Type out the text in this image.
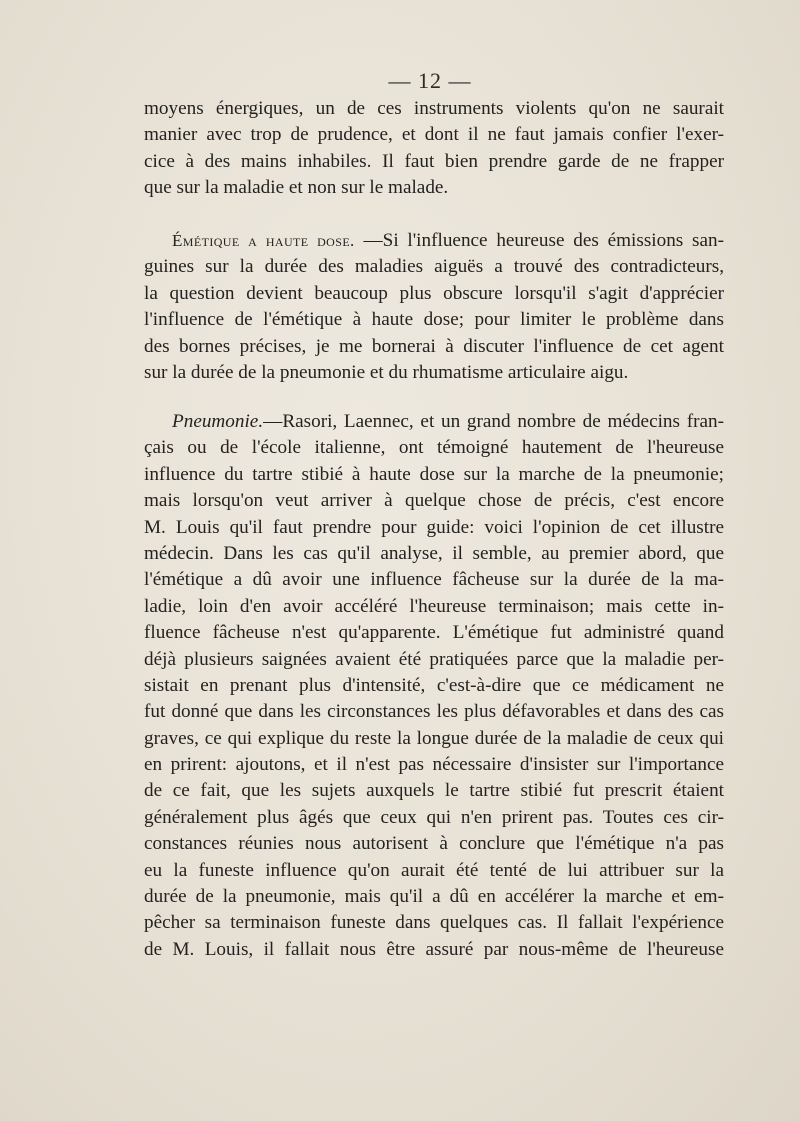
— 12 —
moyens énergiques, un de ces instruments violents qu'on ne saurait
manier avec trop de prudence, et dont il ne faut jamais confier l'exer-
cice à des mains inhabiles. Il faut bien prendre garde de ne frapper
que sur la maladie et non sur le malade.
Émétique a haute dose. —Si l'influence heureuse des émissions san-
guines sur la durée des maladies aiguës a trouvé des contradicteurs,
la question devient beaucoup plus obscure lorsqu'il s'agit d'apprécier
l'influence de l'émétique à haute dose; pour limiter le problème dans
des bornes précises, je me bornerai à discuter l'influence de cet agent
sur la durée de la pneumonie et du rhumatisme articulaire aigu.
Pneumonie.—Rasori, Laennec, et un grand nombre de médecins fran-
çais ou de l'école italienne, ont témoigné hautement de l'heureuse
influence du tartre stibié à haute dose sur la marche de la pneumonie;
mais lorsqu'on veut arriver à quelque chose de précis, c'est encore
M. Louis qu'il faut prendre pour guide: voici l'opinion de cet illustre
médecin. Dans les cas qu'il analyse, il semble, au premier abord, que
l'émétique a dû avoir une influence fâcheuse sur la durée de la ma-
ladie, loin d'en avoir accéléré l'heureuse terminaison; mais cette in-
fluence fâcheuse n'est qu'apparente. L'émétique fut administré quand
déjà plusieurs saignées avaient été pratiquées parce que la maladie per-
sistait en prenant plus d'intensité, c'est-à-dire que ce médicament ne
fut donné que dans les circonstances les plus défavorables et dans des cas
graves, ce qui explique du reste la longue durée de la maladie de ceux qui
en prirent: ajoutons, et il n'est pas nécessaire d'insister sur l'importance
de ce fait, que les sujets auxquels le tartre stibié fut prescrit étaient
généralement plus âgés que ceux qui n'en prirent pas. Toutes ces cir-
constances réunies nous autorisent à conclure que l'émétique n'a pas
eu la funeste influence qu'on aurait été tenté de lui attribuer sur la
durée de la pneumonie, mais qu'il a dû en accélérer la marche et em-
pêcher sa terminaison funeste dans quelques cas. Il fallait l'expérience
de M. Louis, il fallait nous être assuré par nous-même de l'heureuse
